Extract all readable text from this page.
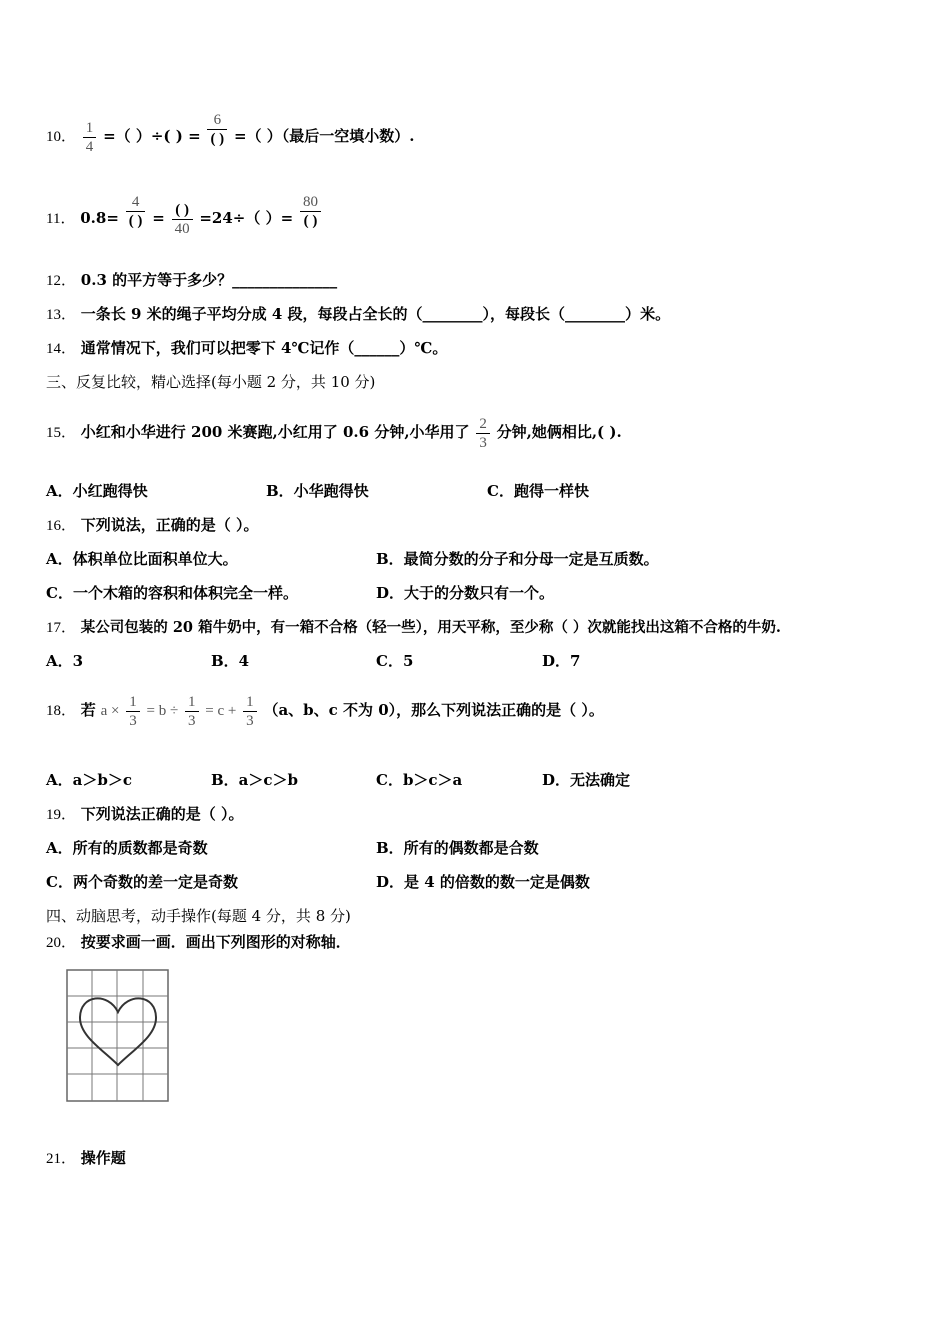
10． $\frac{1}{4}$ =（ ）÷( ) = $\frac{6}{( )}$ =（ ）（最后一空填小数）.
11． $0.8= \frac{4}{( )} = \frac{( )}{40} =24\div$（ ）= $\frac{80}{( )}$
12． 0.3 的平方等于多少？______________
13． 一条长 9 米的绳子平均分成 4 段，每段占全长的（________），每段长（________）米。
14． 通常情况下，我们可以把零下 4℃记作（______）℃。
三、反复比较，精心选择(每小题 2 分，共 10 分)
15． 小红和小华进行 200 米赛跑,小红用了 0.6 分钟,小华用了 $\frac{2}{3}$ 分钟,她俩相比,( ).
A．小红跑得快	B．小华跑得快	C．跑得一样快
16． 下列说法，正确的是（ ）。
A．体积单位比面积单位大。	B．最简分数的分子和分母一定是互质数。
C．一个木箱的容积和体积完全一样。	D．大于的分数只有一个。
17． 某公司包装的 20 箱牛奶中，有一箱不合格（轻一些），用天平称，至少称（ ）次就能找出这箱不合格的牛奶.
A．3	B．4	C．5	D．7
18． 若 $a \times \frac{1}{3} = b \div \frac{1}{3} = c + \frac{1}{3} (a$、b、c 不为 0），那么下列说法正确的是（ ）。
A．a＞b＞c	B．a＞c＞b	C．b＞c＞a	D．无法确定
19． 下列说法正确的是（ ）。
A．所有的质数都是奇数	B．所有的偶数都是合数
C．两个奇数的差一定是奇数	D．是 4 的倍数的数一定是偶数
四、动脑思考，动手操作(每题 4 分，共 8 分)
20． 按要求画一画．画出下列图形的对称轴．
21． 操作题
